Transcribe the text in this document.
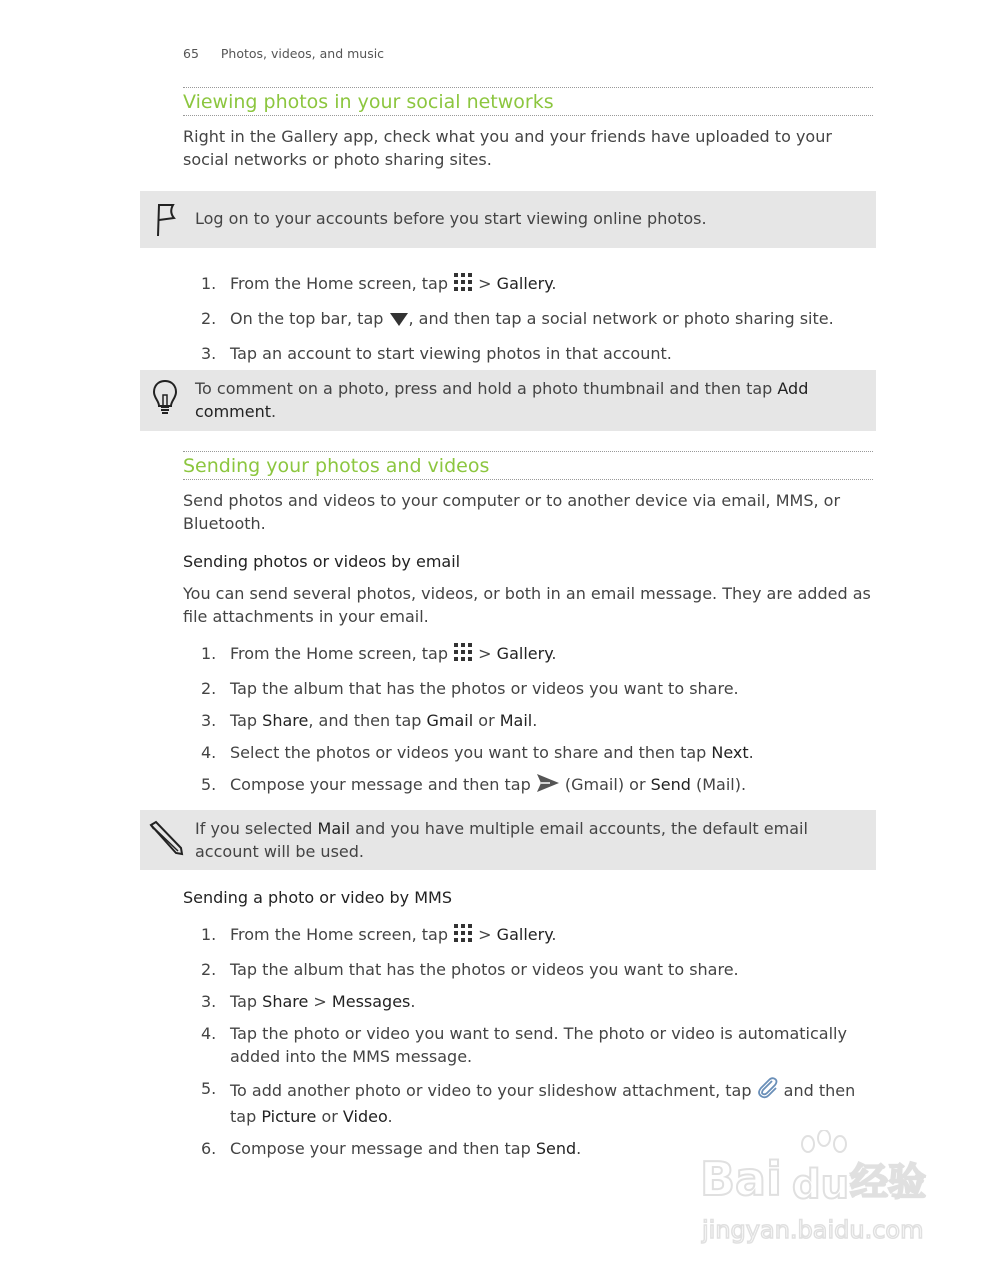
65 Photos, videos, and music
Viewing photos in your social networks
Right in the Gallery app, check what you and your friends have uploaded to your social networks or photo sharing sites.
Log on to your accounts before you start viewing online photos.
1. From the Home screen, tap  > Gallery.
2. On the top bar, tap , and then tap a social network or photo sharing site.
3. Tap an account to start viewing photos in that account.
To comment on a photo, press and hold a photo thumbnail and then tap Add comment.
Sending your photos and videos
Send photos and videos to your computer or to another device via email, MMS, or Bluetooth.
Sending photos or videos by email
You can send several photos, videos, or both in an email message. They are added as file attachments in your email.
1. From the Home screen, tap  > Gallery.
2. Tap the album that has the photos or videos you want to share.
3. Tap Share, and then tap Gmail or Mail.
4. Select the photos or videos you want to share and then tap Next.
5. Compose your message and then tap  (Gmail) or Send (Mail).
If you selected Mail and you have multiple email accounts, the default email account will be used.
Sending a photo or video by MMS
1. From the Home screen, tap  > Gallery.
2. Tap the album that has the photos or videos you want to share.
3. Tap Share > Messages.
4. Tap the photo or video you want to send. The photo or video is automatically added into the MMS message.
5. To add another photo or video to your slideshow attachment, tap  and then tap Picture or Video.
6. Compose your message and then tap Send.
Bai du 经验
jingyan.baidu.com
